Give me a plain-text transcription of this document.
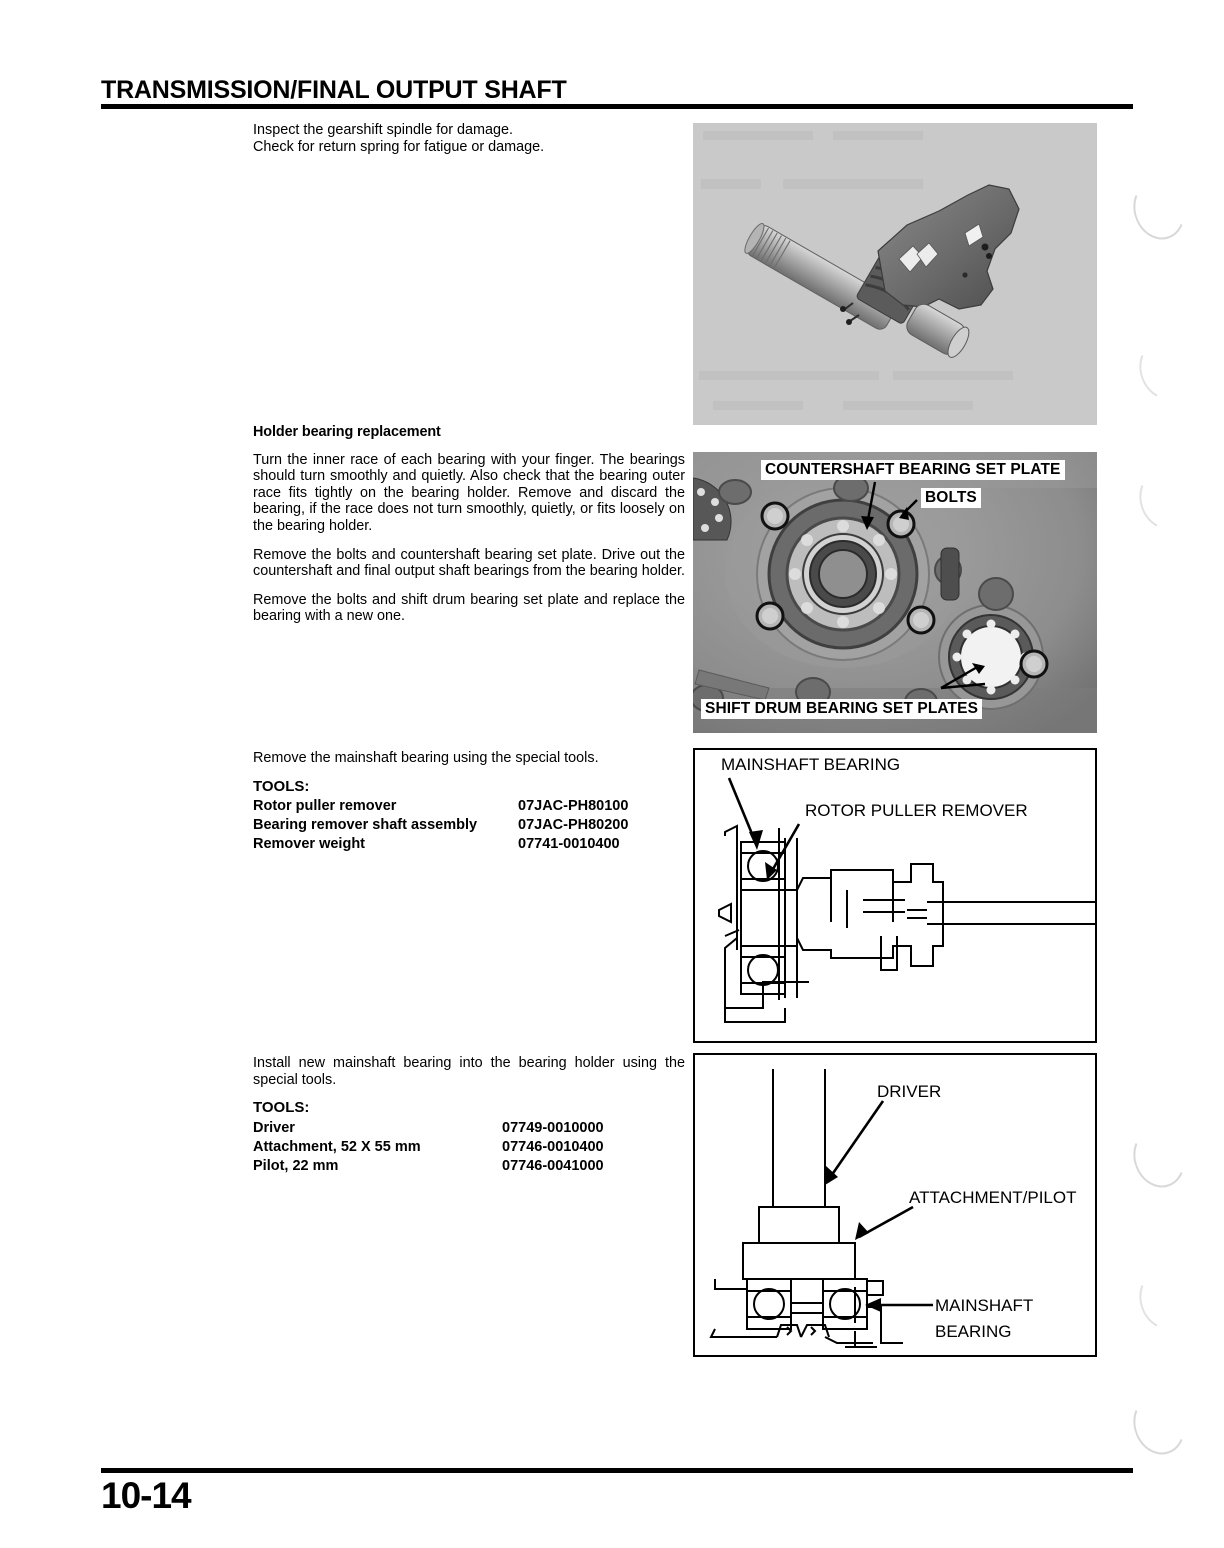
TRANSMISSION/FINAL OUTPUT SHAFT

Inspect the gearshift spindle for damage.
Check for return spring for fatigue or damage.

Holder bearing replacement

Turn the inner race of each bearing with your finger. The bearings should turn smoothly and quietly. Also check that the bearing outer race fits tightly on the bearing holder. Remove and discard the bearing, if the race does not turn smoothly, quietly, or fits loosely on the bearing holder.

Remove the bolts and countershaft bearing set plate. Drive out the countershaft and final output shaft bearings from the bearing holder.

Remove the bolts and shift drum bearing set plate and replace the bearing with a new one.

Remove the mainshaft bearing using the special tools.

TOOLS:
Rotor puller remover	07JAC-PH80100
Bearing remover shaft assembly	07JAC-PH80200
Remover weight	07741-0010400

Install new mainshaft bearing into the bearing holder using the special tools.

TOOLS:
Driver	07749-0010000
Attachment, 52 X 55 mm	07746-0010400
Pilot, 22 mm	07746-0041000
COUNTERSHAFT BEARING SET PLATE
BOLTS
SHIFT DRUM BEARING SET PLATES
MAINSHAFT BEARING
ROTOR PULLER REMOVER
DRIVER
ATTACHMENT/PILOT
MAINSHAFT
BEARING
10-14
